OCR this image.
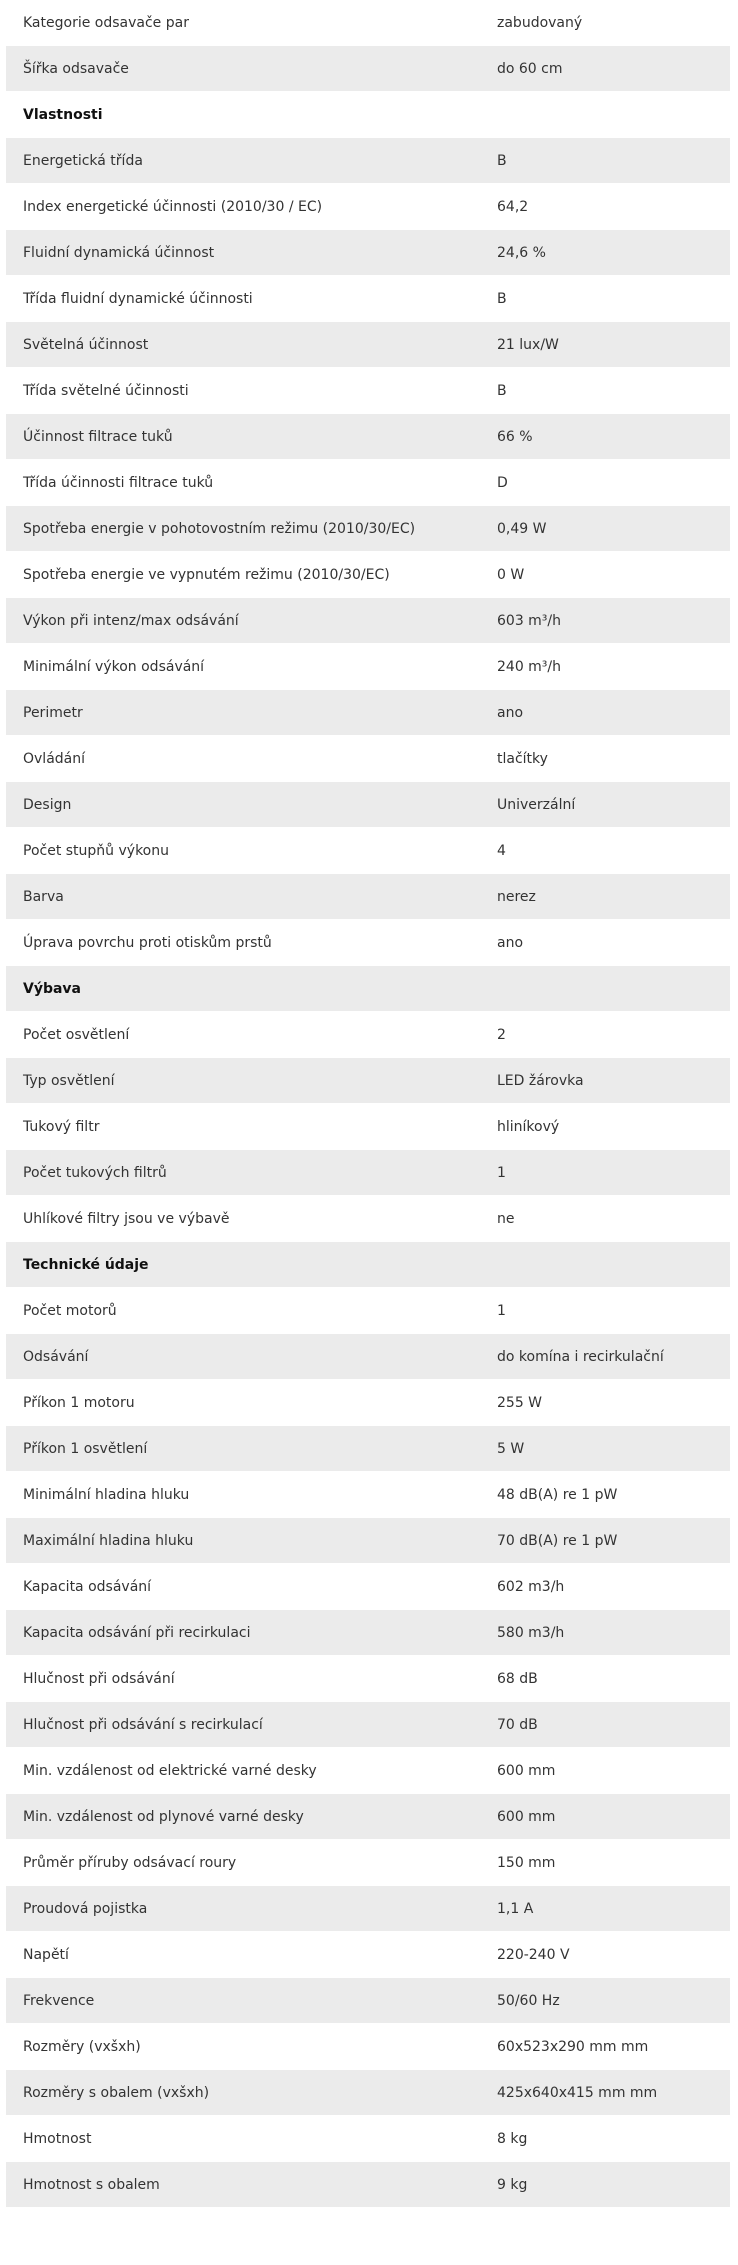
Kategorie odsavače par	zabudovaný
Šířka odsavače	do 60 cm
Vlastnosti
Energetická třída	B
Index energetické účinnosti (2010/30 / EC)	64,2
Fluidní dynamická účinnost	24,6 %
Třída fluidní dynamické účinnosti	B
Světelná účinnost	21 lux/W
Třída světelné účinnosti	B
Účinnost filtrace tuků	66 %
Třída účinnosti filtrace tuků	D
Spotřeba energie v pohotovostním režimu (2010/30/EC)	0,49 W
Spotřeba energie ve vypnutém režimu (2010/30/EC)	0 W
Výkon při intenz/max odsávání	603 m³/h
Minimální výkon odsávání	240 m³/h
Perimetr	ano
Ovládání	tlačítky
Design	Univerzální
Počet stupňů výkonu	4
Barva	nerez
Úprava povrchu proti otiskům prstů	ano
Výbava
Počet osvětlení	2
Typ osvětlení	LED žárovka
Tukový filtr	hliníkový
Počet tukových filtrů	1
Uhlíkové filtry jsou ve výbavě	ne
Technické údaje
Počet motorů	1
Odsávání	do komína i recirkulační
Příkon 1 motoru	255 W
Příkon 1 osvětlení	5 W
Minimální hladina hluku	48 dB(A) re 1 pW
Maximální hladina hluku	70 dB(A) re 1 pW
Kapacita odsávání	602 m3/h
Kapacita odsávání při recirkulaci	580 m3/h
Hlučnost při odsávání	68 dB
Hlučnost při odsávání s recirkulací	70 dB
Min. vzdálenost od elektrické varné desky	600 mm
Min. vzdálenost od plynové varné desky	600 mm
Průměr příruby odsávací roury	150 mm
Proudová pojistka	1,1 A
Napětí	220-240 V
Frekvence	50/60 Hz
Rozměry (vxšxh)	60x523x290 mm mm
Rozměry s obalem (vxšxh)	425x640x415 mm mm
Hmotnost	8 kg
Hmotnost s obalem	9 kg
